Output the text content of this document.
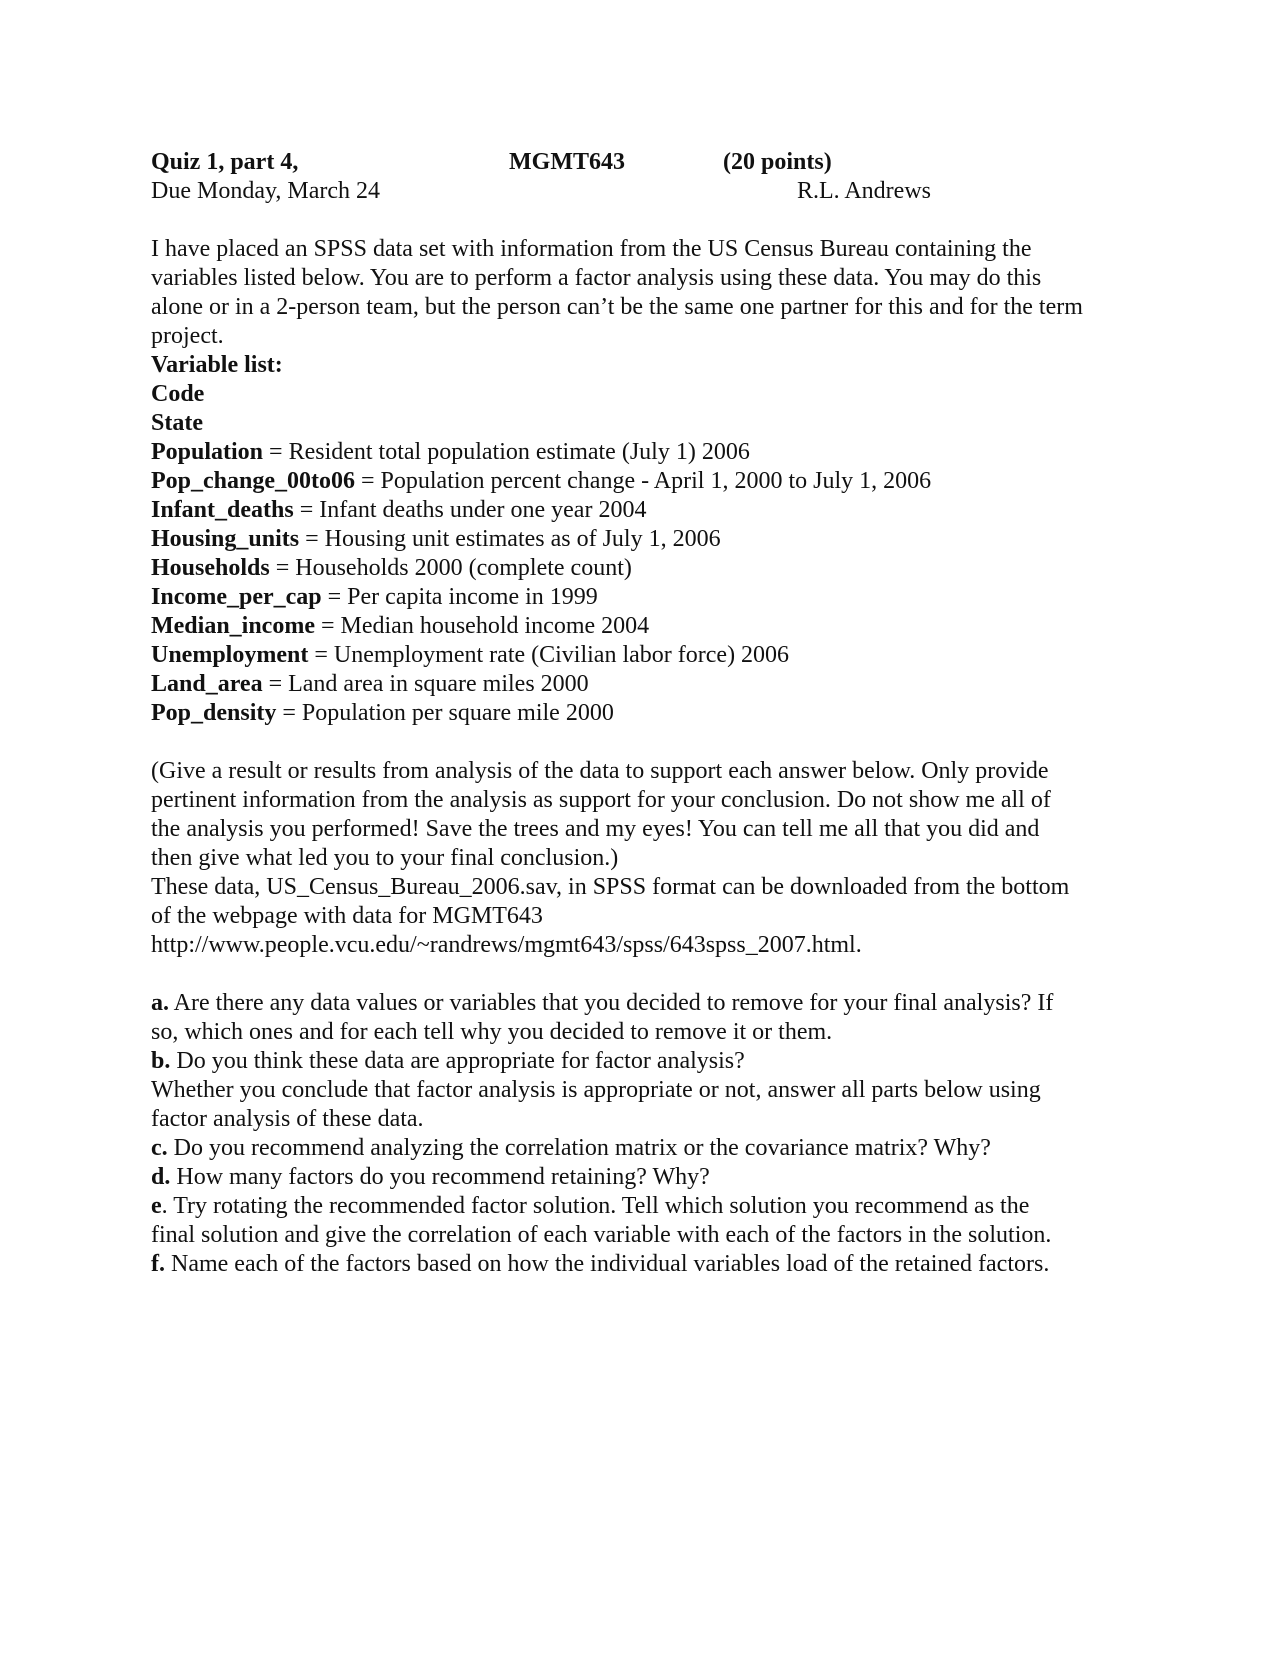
Quiz 1, part 4,	MGMT643	(20 points)
Due Monday, March 24	R.L. Andrews
I have placed an SPSS data set with information from the US Census Bureau containing the
variables listed below. You are to perform a factor analysis using these data. You may do this
alone or in a 2-person team, but the person can’t be the same one partner for this and for the term
project.
Variable list:
Code
State
Population = Resident total population estimate (July 1) 2006
Pop_change_00to06 = Population percent change - April 1, 2000 to July 1, 2006
Infant_deaths = Infant deaths under one year 2004
Housing_units = Housing unit estimates as of July 1, 2006
Households = Households 2000 (complete count)
Income_per_cap = Per capita income in 1999
Median_income = Median household income 2004
Unemployment = Unemployment rate (Civilian labor force) 2006
Land_area = Land area in square miles 2000
Pop_density = Population per square mile 2000
(Give a result or results from analysis of the data to support each answer below. Only provide
pertinent information from the analysis as support for your conclusion. Do not show me all of
the analysis you performed! Save the trees and my eyes! You can tell me all that you did and
then give what led you to your final conclusion.)
These data, US_Census_Bureau_2006.sav, in SPSS format can be downloaded from the bottom
of the webpage with data for MGMT643
http://www.people.vcu.edu/~randrews/mgmt643/spss/643spss_2007.html.
a. Are there any data values or variables that you decided to remove for your final analysis? If
so, which ones and for each tell why you decided to remove it or them.
b. Do you think these data are appropriate for factor analysis?
Whether you conclude that factor analysis is appropriate or not, answer all parts below using
factor analysis of these data.
c. Do you recommend analyzing the correlation matrix or the covariance matrix? Why?
d. How many factors do you recommend retaining? Why?
e. Try rotating the recommended factor solution. Tell which solution you recommend as the
final solution and give the correlation of each variable with each of the factors in the solution.
f. Name each of the factors based on how the individual variables load of the retained factors.
